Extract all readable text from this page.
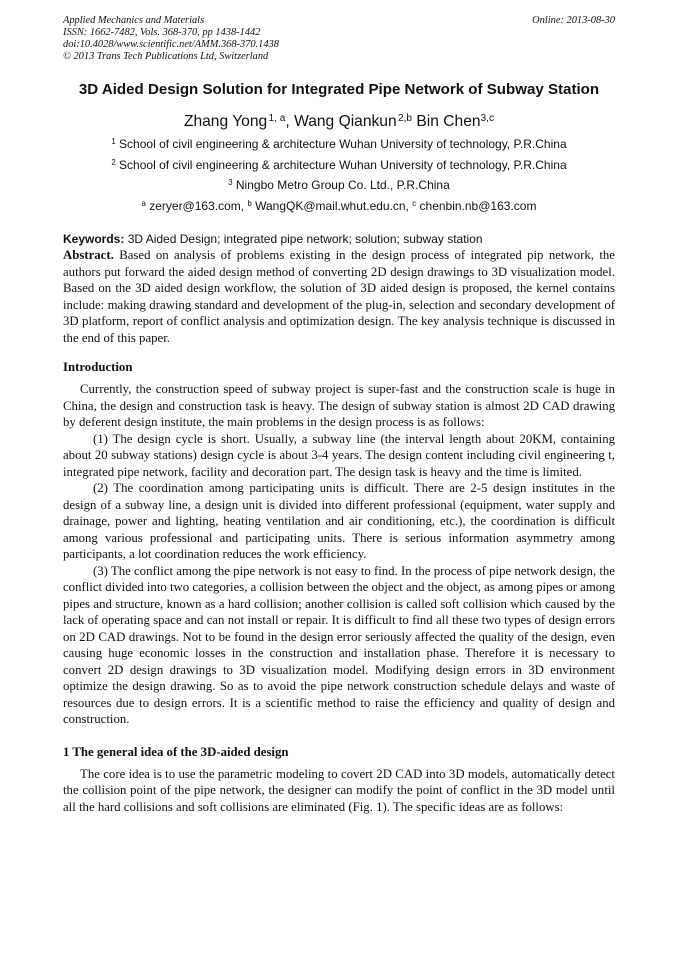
Applied Mechanics and Materials
ISSN: 1662-7482, Vols. 368-370, pp 1438-1442
doi:10.4028/www.scientific.net/AMM.368-370.1438
© 2013 Trans Tech Publications Ltd, Switzerland
Online: 2013-08-30
3D Aided Design Solution for Integrated Pipe Network of Subway Station
Zhang Yong $^{1, a}$, Wang Qiankun $^{2,b}$ Bin Chen$^{3,c}$
$^1$ School of civil engineering & architecture Wuhan University of technology, P.R.China
$^2$ School of civil engineering & architecture Wuhan University of technology, P.R.China
$^3$ Ningbo Metro Group Co. Ltd., P.R.China
$^a$ zeryer@163.com, $^b$ WangQK@mail.whut.edu.cn, $^c$ chenbin.nb@163.com
Keywords: 3D Aided Design; integrated pipe network; solution; subway station

Abstract. Based on analysis of problems existing in the design process of integrated pip network, the authors put forward the aided design method of converting 2D design drawings to 3D visualization model. Based on the 3D aided design workflow, the solution of 3D aided design is proposed, the kernel contains include: making drawing standard and development of the plug-in, selection and secondary development of 3D platform, report of conflict analysis and optimization design. The key analysis technique is discussed in the end of this paper.

Introduction

Currently, the construction speed of subway project is super-fast and the construction scale is huge in China, the design and construction task is heavy. The design of subway station is almost 2D CAD drawing by deferent design institute, the main problems in the design process is as follows:

(1) The design cycle is short. Usually, a subway line (the interval length about 20KM, containing about 20 subway stations) design cycle is about 3-4 years. The design content including civil engineering t, integrated pipe network, facility and decoration part. The design task is heavy and the time is limited.

(2) The coordination among participating units is difficult. There are 2-5 design institutes in the design of a subway line, a design unit is divided into different professional (equipment, water supply and drainage, power and lighting, heating ventilation and air conditioning, etc.), the coordination is difficult among various professional and participating units. There is serious information asymmetry among participants, a lot coordination reduces the work efficiency.

(3) The conflict among the pipe network is not easy to find. In the process of pipe network design, the conflict divided into two categories, a collision between the object and the object, as among pipes or among pipes and structure, known as a hard collision; another collision is called soft collision which caused by the lack of operating space and can not install or repair. It is difficult to find all these two types of design errors on 2D CAD drawings. Not to be found in the design error seriously affected the quality of the design, even causing huge economic losses in the construction and installation phase. Therefore it is necessary to convert 2D design drawings to 3D visualization model. Modifying design errors in 3D environment optimize the design drawing. So as to avoid the pipe network construction schedule delays and waste of resources due to design errors. It is a scientific method to raise the efficiency and quality of design and construction.

1 The general idea of the 3D-aided design

The core idea is to use the parametric modeling to covert 2D CAD into 3D models, automatically detect the collision point of the pipe network, the designer can modify the point of conflict in the 3D model until all the hard collisions and soft collisions are eliminated (Fig. 1). The specific ideas are as follows:
